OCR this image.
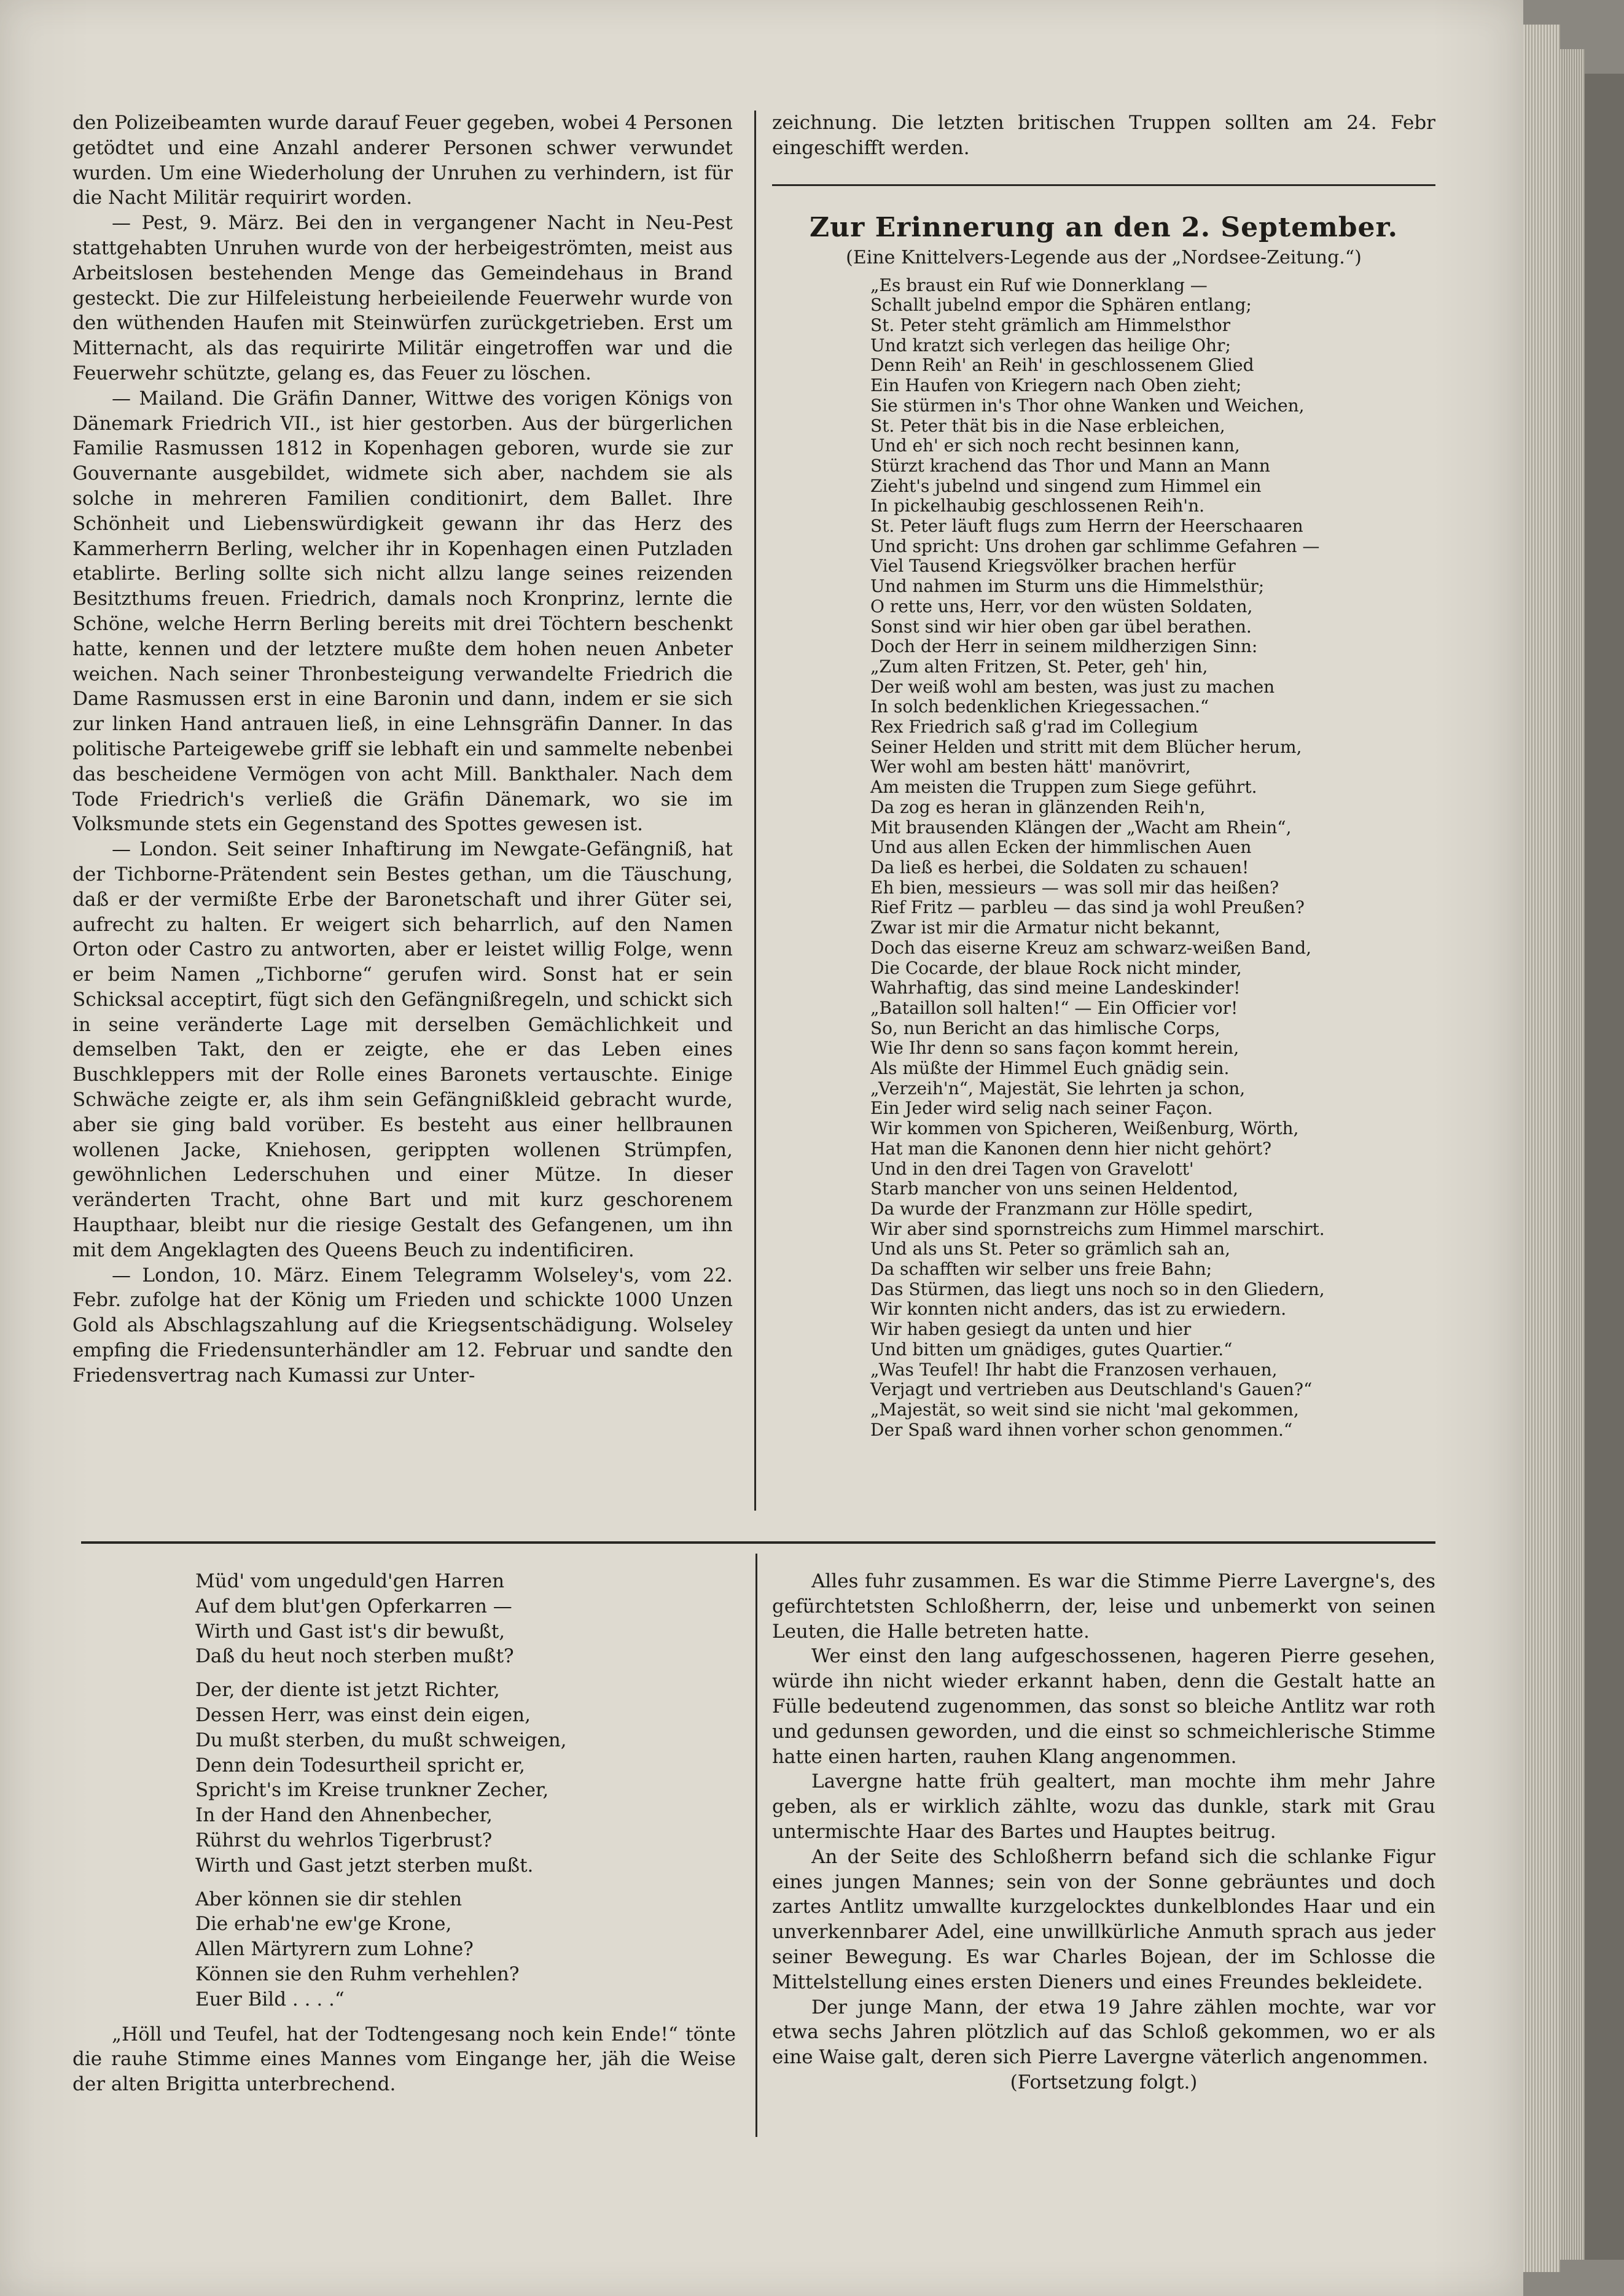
den Polizeibeamten wurde darauf Feuer gegeben, wobei 4 Personen getödtet und eine Anzahl anderer Personen schwer verwundet wurden. Um eine Wiederholung der Unruhen zu verhindern, ist für die Nacht Militär requirirt worden.

— Pest, 9. März. Bei den in vergangener Nacht in Neu-Pest stattgehabten Unruhen wurde von der herbeigeströmten, meist aus Arbeitslosen bestehenden Menge das Gemeindehaus in Brand gesteckt. Die zur Hilfeleistung herbeieilende Feuerwehr wurde von den wüthenden Haufen mit Steinwürfen zurückgetrieben. Erst um Mitternacht, als das requirirte Militär eingetroffen war und die Feuerwehr schützte, gelang es, das Feuer zu löschen.

— Mailand. Die Gräfin Danner, Wittwe des vorigen Königs von Dänemark Friedrich VII., ist hier gestorben. Aus der bürgerlichen Familie Rasmussen 1812 in Kopenhagen geboren, wurde sie zur Gouvernante ausgebildet, widmete sich aber, nachdem sie als solche in mehreren Familien conditionirt, dem Ballet. Ihre Schönheit und Liebenswürdigkeit gewann ihr das Herz des Kammerherrn Berling, welcher ihr in Kopenhagen einen Putzladen etablirte. Berling sollte sich nicht allzu lange seines reizenden Besitzthums freuen. Friedrich, damals noch Kronprinz, lernte die Schöne, welche Herrn Berling bereits mit drei Töchtern beschenkt hatte, kennen und der letztere mußte dem hohen neuen Anbeter weichen. Nach seiner Thronbesteigung verwandelte Friedrich die Dame Rasmussen erst in eine Baronin und dann, indem er sie sich zur linken Hand antrauen ließ, in eine Lehnsgräfin Danner. In das politische Parteigewebe griff sie lebhaft ein und sammelte nebenbei das bescheidene Vermögen von acht Mill. Bankthaler. Nach dem Tode Friedrich's verließ die Gräfin Dänemark, wo sie im Volksmunde stets ein Gegenstand des Spottes gewesen ist.

— London. Seit seiner Inhaftirung im Newgate-Gefängniß, hat der Tichborne-Prätendent sein Bestes gethan, um die Täuschung, daß er der vermißte Erbe der Baronetschaft und ihrer Güter sei, aufrecht zu halten. Er weigert sich beharrlich, auf den Namen Orton oder Castro zu antworten, aber er leistet willig Folge, wenn er beim Namen „Tichborne“ gerufen wird. Sonst hat er sein Schicksal acceptirt, fügt sich den Gefängnißregeln, und schickt sich in seine veränderte Lage mit derselben Gemächlichkeit und demselben Takt, den er zeigte, ehe er das Leben eines Buschkleppers mit der Rolle eines Baronets vertauschte. Einige Schwäche zeigte er, als ihm sein Gefängnißkleid gebracht wurde, aber sie ging bald vorüber. Es besteht aus einer hellbraunen wollenen Jacke, Kniehosen, gerippten wollenen Strümpfen, gewöhnlichen Lederschuhen und einer Mütze. In dieser veränderten Tracht, ohne Bart und mit kurz geschorenem Haupthaar, bleibt nur die riesige Gestalt des Gefangenen, um ihn mit dem Angeklagten des Queens Beuch zu indentificiren.

— London, 10. März. Einem Telegramm Wolseley's, vom 22. Febr. zufolge hat der König um Frieden und schickte 1000 Unzen Gold als Abschlagszahlung auf die Kriegsentschädigung. Wolseley empfing die Friedensunterhändler am 12. Februar und sandte den Friedensvertrag nach Kumassi zur Unter-

zeichnung. Die letzten britischen Truppen sollten am 24. Febr eingeschifft werden.

Zur Erinnerung an den 2. September.

(Eine Knittelvers-Legende aus der „Nordsee-Zeitung.“)

„Es braust ein Ruf wie Donnerklang —
Schallt jubelnd empor die Sphären entlang;
St. Peter steht grämlich am Himmelsthor
Und kratzt sich verlegen das heilige Ohr;
Denn Reih' an Reih' in geschlossenem Glied
Ein Haufen von Kriegern nach Oben zieht;
Sie stürmen in's Thor ohne Wanken und Weichen,
St. Peter thät bis in die Nase erbleichen,
Und eh' er sich noch recht besinnen kann,
Stürzt krachend das Thor und Mann an Mann
Zieht's jubelnd und singend zum Himmel ein
In pickelhaubig geschlossenen Reih'n.
St. Peter läuft flugs zum Herrn der Heerschaaren
Und spricht: Uns drohen gar schlimme Gefahren —
Viel Tausend Kriegsvölker brachen herfür
Und nahmen im Sturm uns die Himmelsthür;
O rette uns, Herr, vor den wüsten Soldaten,
Sonst sind wir hier oben gar übel berathen.
Doch der Herr in seinem mildherzigen Sinn:
„Zum alten Fritzen, St. Peter, geh' hin,
Der weiß wohl am besten, was just zu machen
In solch bedenklichen Kriegessachen.“
Rex Friedrich saß g'rad im Collegium
Seiner Helden und stritt mit dem Blücher herum,
Wer wohl am besten hätt' manövrirt,
Am meisten die Truppen zum Siege geführt.
Da zog es heran in glänzenden Reih'n,
Mit brausenden Klängen der „Wacht am Rhein“,
Und aus allen Ecken der himmlischen Auen
Da ließ es herbei, die Soldaten zu schauen!
Eh bien, messieurs — was soll mir das heißen?
Rief Fritz — parbleu — das sind ja wohl Preußen?
Zwar ist mir die Armatur nicht bekannt,
Doch das eiserne Kreuz am schwarz-weißen Band,
Die Cocarde, der blaue Rock nicht minder,
Wahrhaftig, das sind meine Landeskinder!
„Bataillon soll halten!“ — Ein Officier vor!
So, nun Bericht an das himlische Corps,
Wie Ihr denn so sans façon kommt herein,
Als müßte der Himmel Euch gnädig sein.
„Verzeih'n“, Majestät, Sie lehrten ja schon,
Ein Jeder wird selig nach seiner Façon.
Wir kommen von Spicheren, Weißenburg, Wörth,
Hat man die Kanonen denn hier nicht gehört?
Und in den drei Tagen von Gravelott'
Starb mancher von uns seinen Heldentod,
Da wurde der Franzmann zur Hölle spedirt,
Wir aber sind spornstreichs zum Himmel marschirt.
Und als uns St. Peter so grämlich sah an,
Da schafften wir selber uns freie Bahn;
Das Stürmen, das liegt uns noch so in den Gliedern,
Wir konnten nicht anders, das ist zu erwiedern.
Wir haben gesiegt da unten und hier
Und bitten um gnädiges, gutes Quartier.“
„Was Teufel! Ihr habt die Franzosen verhauen,
Verjagt und vertrieben aus Deutschland's Gauen?“
„Majestät, so weit sind sie nicht 'mal gekommen,
Der Spaß ward ihnen vorher schon genommen.“
Müd' vom ungeduld'gen Harren
Auf dem blut'gen Opferkarren —
Wirth und Gast ist's dir bewußt,
Daß du heut noch sterben mußt?
Der, der diente ist jetzt Richter,
Dessen Herr, was einst dein eigen,
Du mußt sterben, du mußt schweigen,
Denn dein Todesurtheil spricht er,
Spricht's im Kreise trunkner Zecher,
In der Hand den Ahnenbecher,
Rührst du wehrlos Tigerbrust?
Wirth und Gast jetzt sterben mußt.
Aber können sie dir stehlen
Die erhab'ne ew'ge Krone,
Allen Märtyrern zum Lohne?
Können sie den Ruhm verhehlen?
Euer Bild . . . .“

„Höll und Teufel, hat der Todtengesang noch kein Ende!“ tönte die rauhe Stimme eines Mannes vom Eingange her, jäh die Weise der alten Brigitta unterbrechend.

Alles fuhr zusammen. Es war die Stimme Pierre Lavergne's, des gefürchtetsten Schloßherrn, der, leise und unbemerkt von seinen Leuten, die Halle betreten hatte.

Wer einst den lang aufgeschossenen, hageren Pierre gesehen, würde ihn nicht wieder erkannt haben, denn die Gestalt hatte an Fülle bedeutend zugenommen, das sonst so bleiche Antlitz war roth und gedunsen geworden, und die einst so schmeichlerische Stimme hatte einen harten, rauhen Klang angenommen.

Lavergne hatte früh gealtert, man mochte ihm mehr Jahre geben, als er wirklich zählte, wozu das dunkle, stark mit Grau untermischte Haar des Bartes und Hauptes beitrug.

An der Seite des Schloßherrn befand sich die schlanke Figur eines jungen Mannes; sein von der Sonne gebräuntes und doch zartes Antlitz umwallte kurzgelocktes dunkelblondes Haar und ein unverkennbarer Adel, eine unwillkürliche Anmuth sprach aus jeder seiner Bewegung. Es war Charles Bojean, der im Schlosse die Mittelstellung eines ersten Dieners und eines Freundes bekleidete.

Der junge Mann, der etwa 19 Jahre zählen mochte, war vor etwa sechs Jahren plötzlich auf das Schloß gekommen, wo er als eine Waise galt, deren sich Pierre Lavergne väterlich angenommen.

(Fortsetzung folgt.)
